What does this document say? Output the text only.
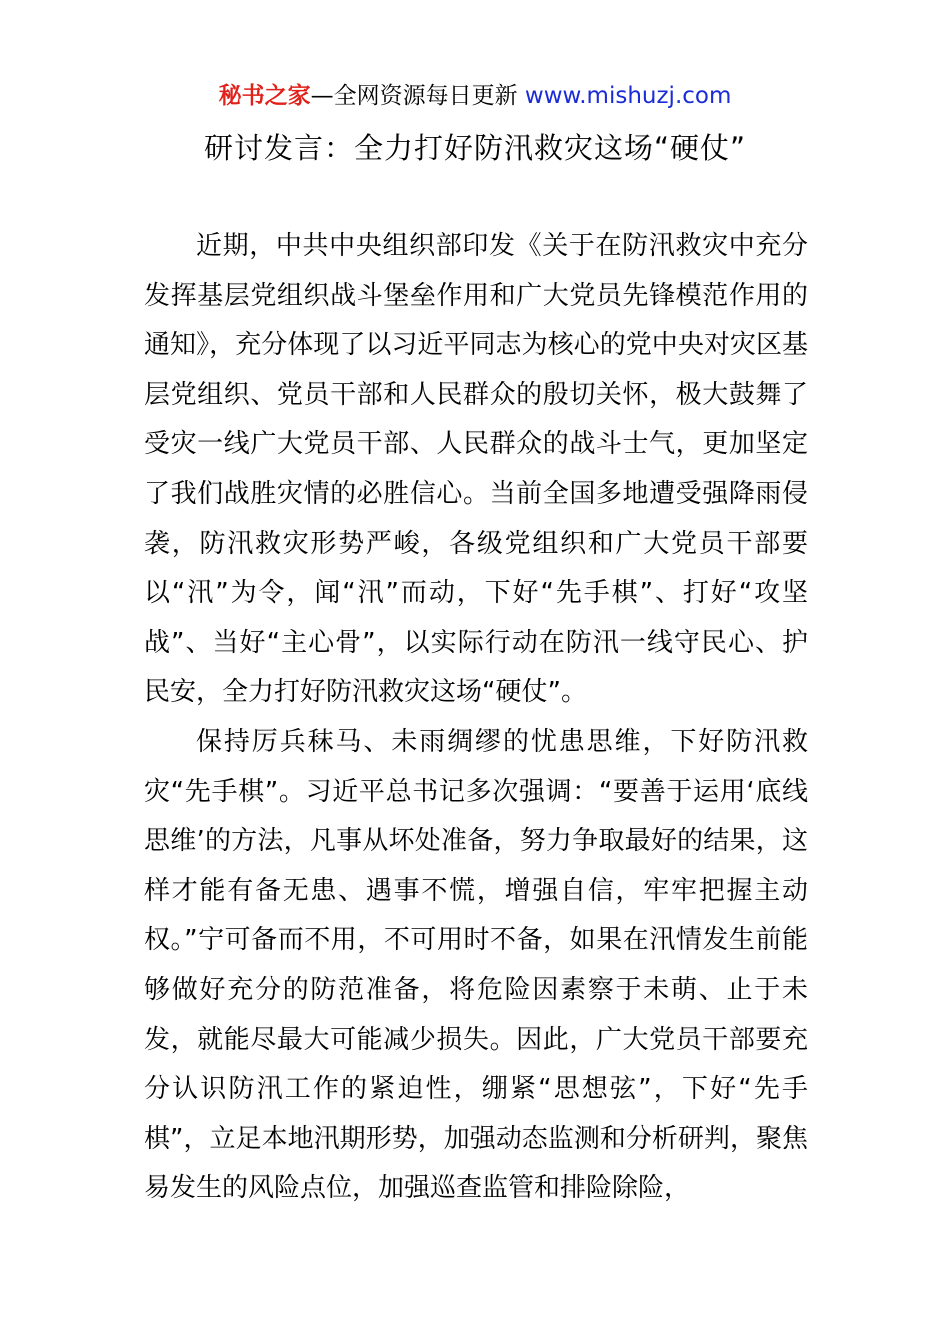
秘书之家—全网资源每日更新 www.mishuzj.com
研讨发言：全力打好防汛救灾这场“硬仗”

近期，中共中央组织部印发《关于在防汛救灾中充分发挥基层党组织战斗堡垒作用和广大党员先锋模范作用的通知》，充分体现了以习近平同志为核心的党中央对灾区基层党组织、党员干部和人民群众的殷切关怀，极大鼓舞了受灾一线广大党员干部、人民群众的战斗士气，更加坚定了我们战胜灾情的必胜信心。当前全国多地遭受强降雨侵袭，防汛救灾形势严峻，各级党组织和广大党员干部要以“汛”为令，闻“汛”而动，下好“先手棋”、打好“攻坚战”、当好“主心骨”，以实际行动在防汛一线守民心、护民安，全力打好防汛救灾这场“硬仗”。

保持厉兵秣马、未雨绸缪的忧患思维，下好防汛救灾“先手棋”。习近平总书记多次强调：“要善于运用‘底线思维’的方法，凡事从坏处准备，努力争取最好的结果，这样才能有备无患、遇事不慌，增强自信，牢牢把握主动权。”宁可备而不用，不可用时不备，如果在汛情发生前能够做好充分的防范准备，将危险因素察于未萌、止于未发，就能尽最大可能减少损失。因此，广大党员干部要充分认识防汛工作的紧迫性，绷紧“思想弦”，下好“先手棋”，立足本地汛期形势，加强动态监测和分析研判，聚焦易发生的风险点位，加强巡查监管和排险除险，
